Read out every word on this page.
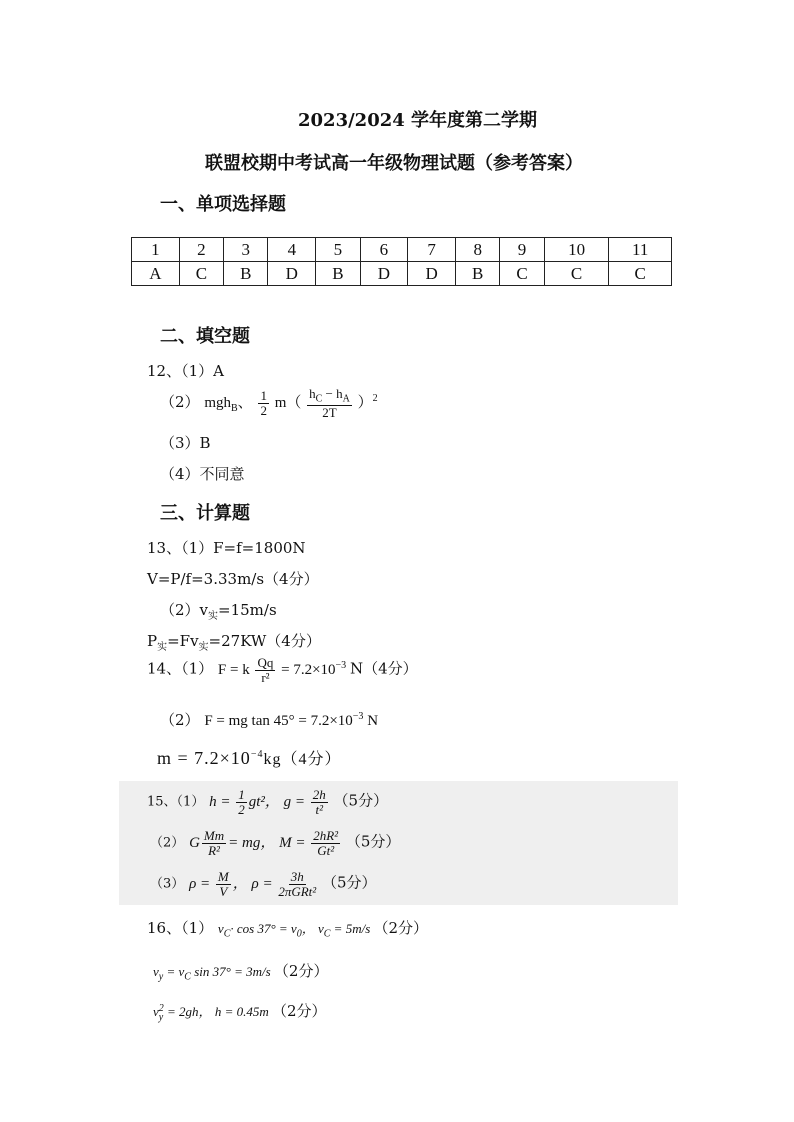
2023/2024 学年度第二学期
联盟校期中考试高一年级物理试题（参考答案）
一、单项选择题
1	2	3	4	5	6	7	8	9	10	11
A	C	B	D	B	D	D	B	C	C	C
二、填空题
12、（1）A
（2） mgh$_B$、 $\frac{1}{2} m( \frac{h_C - h_A}{2T} )^2$
（3）B
（4）不同意
三、计算题
13、（1）F=f=1800N
V=P/f=3.33m/s（4分）
$(2)v_实=15m/s$
$P_实=Fv_实=27KW(4$分）
14、（1） F = k $\frac{Qq}{\text{r²}} = 7.2\times 10^{-3}$ N（4分）
（2） F = mg $\tan 45^\circ = 7.2\times 10^{-3}$ N
$m = 7.2\times 10^{-4}kg(4$分）
15、（1） $h = \frac{1}{2} gt^2$， $g = \frac{2h}{\text{t²}} (5$分）
（2） G $\frac{Mm}{\text{R²}}$ = mg， $M = \frac{\text{2hR²}}{\text{Gt²}} (5$分）
（3） $\rho = \frac{M}{V}$ ， $\rho = \frac{3h}{\text{2πGRt²}} (5$分）
16、（1） $v_C\cdot \cos 37^\circ = v_0$， $v_C = 5m/s$ （2分）
$v_y = v_C$ sin 37° = 3m/s （2分）
v 2
y = 2gh， h = 0.45m （2分）
